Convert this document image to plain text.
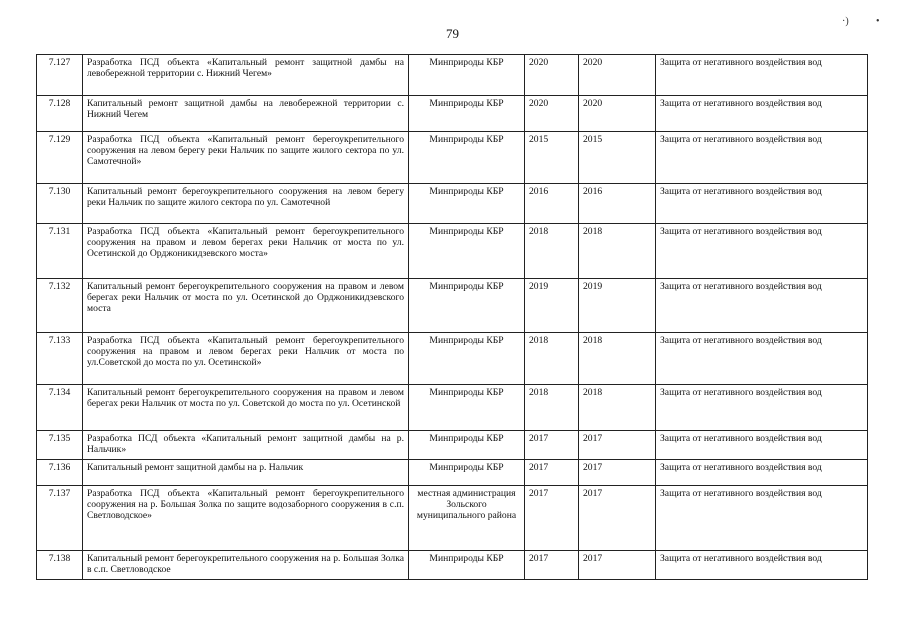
79
·)	•
7.127	Разработка ПСД объекта «Капитальный ремонт защитной дамбы на левобережной территории с. Нижний Чегем»	Минприроды КБР	2020	2020	Защита от негативного воздействия вод
7.128	Капитальный ремонт защитной дамбы на левобережной территории с. Нижний Чегем	Минприроды КБР	2020	2020	Защита от негативного воздействия вод
7.129	Разработка ПСД объекта «Капитальный ремонт берегоукрепительного сооружения на левом берегу реки Нальчик по защите жилого сектора по ул. Самотечной»	Минприроды КБР	2015	2015	Защита от негативного воздействия вод
7.130	Капитальный ремонт берегоукрепительного сооружения на левом берегу реки Нальчик по защите жилого сектора по ул. Самотечной	Минприроды КБР	2016	2016	Защита от негативного воздействия вод
7.131	Разработка ПСД объекта «Капитальный ремонт берегоукрепительного сооружения на правом и левом берегах реки Нальчик от моста по ул. Осетинской до Орджоникидзевского моста»	Минприроды КБР	2018	2018	Защита от негативного воздействия вод
7.132	Капитальный ремонт берегоукрепительного сооружения на правом и левом берегах реки Нальчик от моста по ул. Осетинской до Орджоникидзевского моста	Минприроды КБР	2019	2019	Защита от негативного воздействия вод
7.133	Разработка ПСД объекта «Капитальный ремонт берегоукрепительного сооружения на правом и левом берегах реки Нальчик от моста по ул.Советской до моста по ул. Осетинской»	Минприроды КБР	2018	2018	Защита от негативного воздействия вод
7.134	Капитальный ремонт берегоукрепительного сооружения на правом и левом берегах реки Нальчик от моста по ул. Советской до моста по ул. Осетинской	Минприроды КБР	2018	2018	Защита от негативного воздействия вод
7.135	Разработка ПСД объекта «Капитальный ремонт защитной дамбы на р. Нальчик»	Минприроды КБР	2017	2017	Защита от негативного воздействия вод
7.136	Капитальный ремонт защитной дамбы на р. Нальчик	Минприроды КБР	2017	2017	Защита от негативного воздействия вод
7.137	Разработка ПСД объекта «Капитальный ремонт берегоукрепительного сооружения на р. Большая Золка по защите водозаборного сооружения в с.п. Светловодское»	местная администрация Зольского муниципального района	2017	2017	Защита от негативного воздействия вод
7.138	Капитальный ремонт берегоукрепительного сооружения на р. Большая Золка в с.п. Светловодское	Минприроды КБР	2017	2017	Защита от негативного воздействия вод
